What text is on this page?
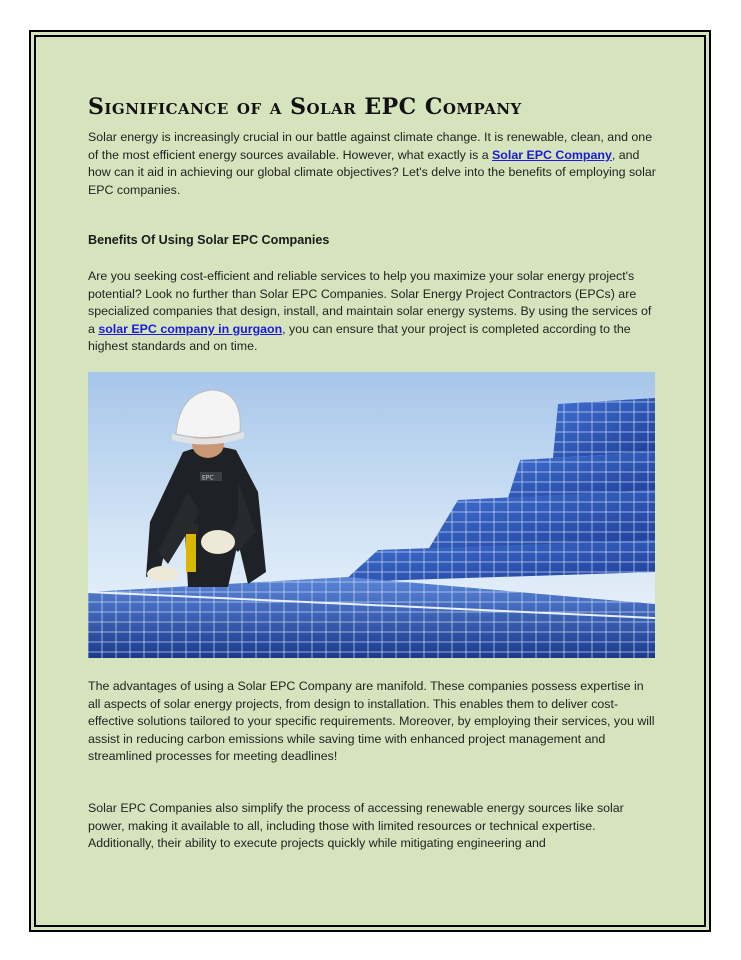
Significance of a Solar EPC Company

Solar energy is increasingly crucial in our battle against climate change. It is renewable, clean, and one of the most efficient energy sources available. However, what exactly is a Solar EPC Company, and how can it aid in achieving our global climate objectives? Let's delve into the benefits of employing solar EPC companies.

Benefits Of Using Solar EPC Companies

Are you seeking cost-efficient and reliable services to help you maximize your solar energy project's potential? Look no further than Solar EPC Companies. Solar Energy Project Contractors (EPCs) are specialized companies that design, install, and maintain solar energy systems. By using the services of a solar EPC company in gurgaon, you can ensure that your project is completed according to the highest standards and on time.

EPC

The advantages of using a Solar EPC Company are manifold. These companies possess expertise in all aspects of solar energy projects, from design to installation. This enables them to deliver cost-effective solutions tailored to your specific requirements. Moreover, by employing their services, you will assist in reducing carbon emissions while saving time with enhanced project management and streamlined processes for meeting deadlines!

Solar EPC Companies also simplify the process of accessing renewable energy sources like solar power, making it available to all, including those with limited resources or technical expertise. Additionally, their ability to execute projects quickly while mitigating engineering and
